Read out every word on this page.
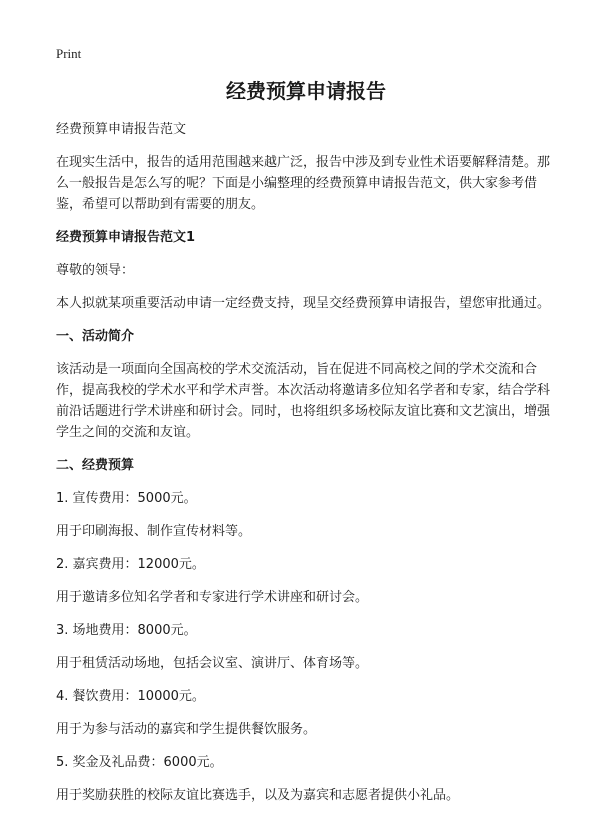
Print
经费预算申请报告

经费预算申请报告范文

在现实生活中，报告的适用范围越来越广泛，报告中涉及到专业性术语要解释清楚。那么一般报告是怎么写的呢？下面是小编整理的经费预算申请报告范文，供大家参考借鉴，希望可以帮助到有需要的朋友。

经费预算申请报告范文1

尊敬的领导：

本人拟就某项重要活动申请一定经费支持，现呈交经费预算申请报告，望您审批通过。

一、活动简介

该活动是一项面向全国高校的学术交流活动，旨在促进不同高校之间的学术交流和合作，提高我校的学术水平和学术声誉。本次活动将邀请多位知名学者和专家，结合学科前沿话题进行学术讲座和研讨会。同时，也将组织多场校际友谊比赛和文艺演出，增强学生之间的交流和友谊。

二、经费预算

1. 宣传费用：5000元。

用于印刷海报、制作宣传材料等。

2. 嘉宾费用：12000元。

用于邀请多位知名学者和专家进行学术讲座和研讨会。

3. 场地费用：8000元。

用于租赁活动场地，包括会议室、演讲厅、体育场等。

4. 餐饮费用：10000元。

用于为参与活动的嘉宾和学生提供餐饮服务。

5. 奖金及礼品费：6000元。

用于奖励获胜的校际友谊比赛选手，以及为嘉宾和志愿者提供小礼品。
